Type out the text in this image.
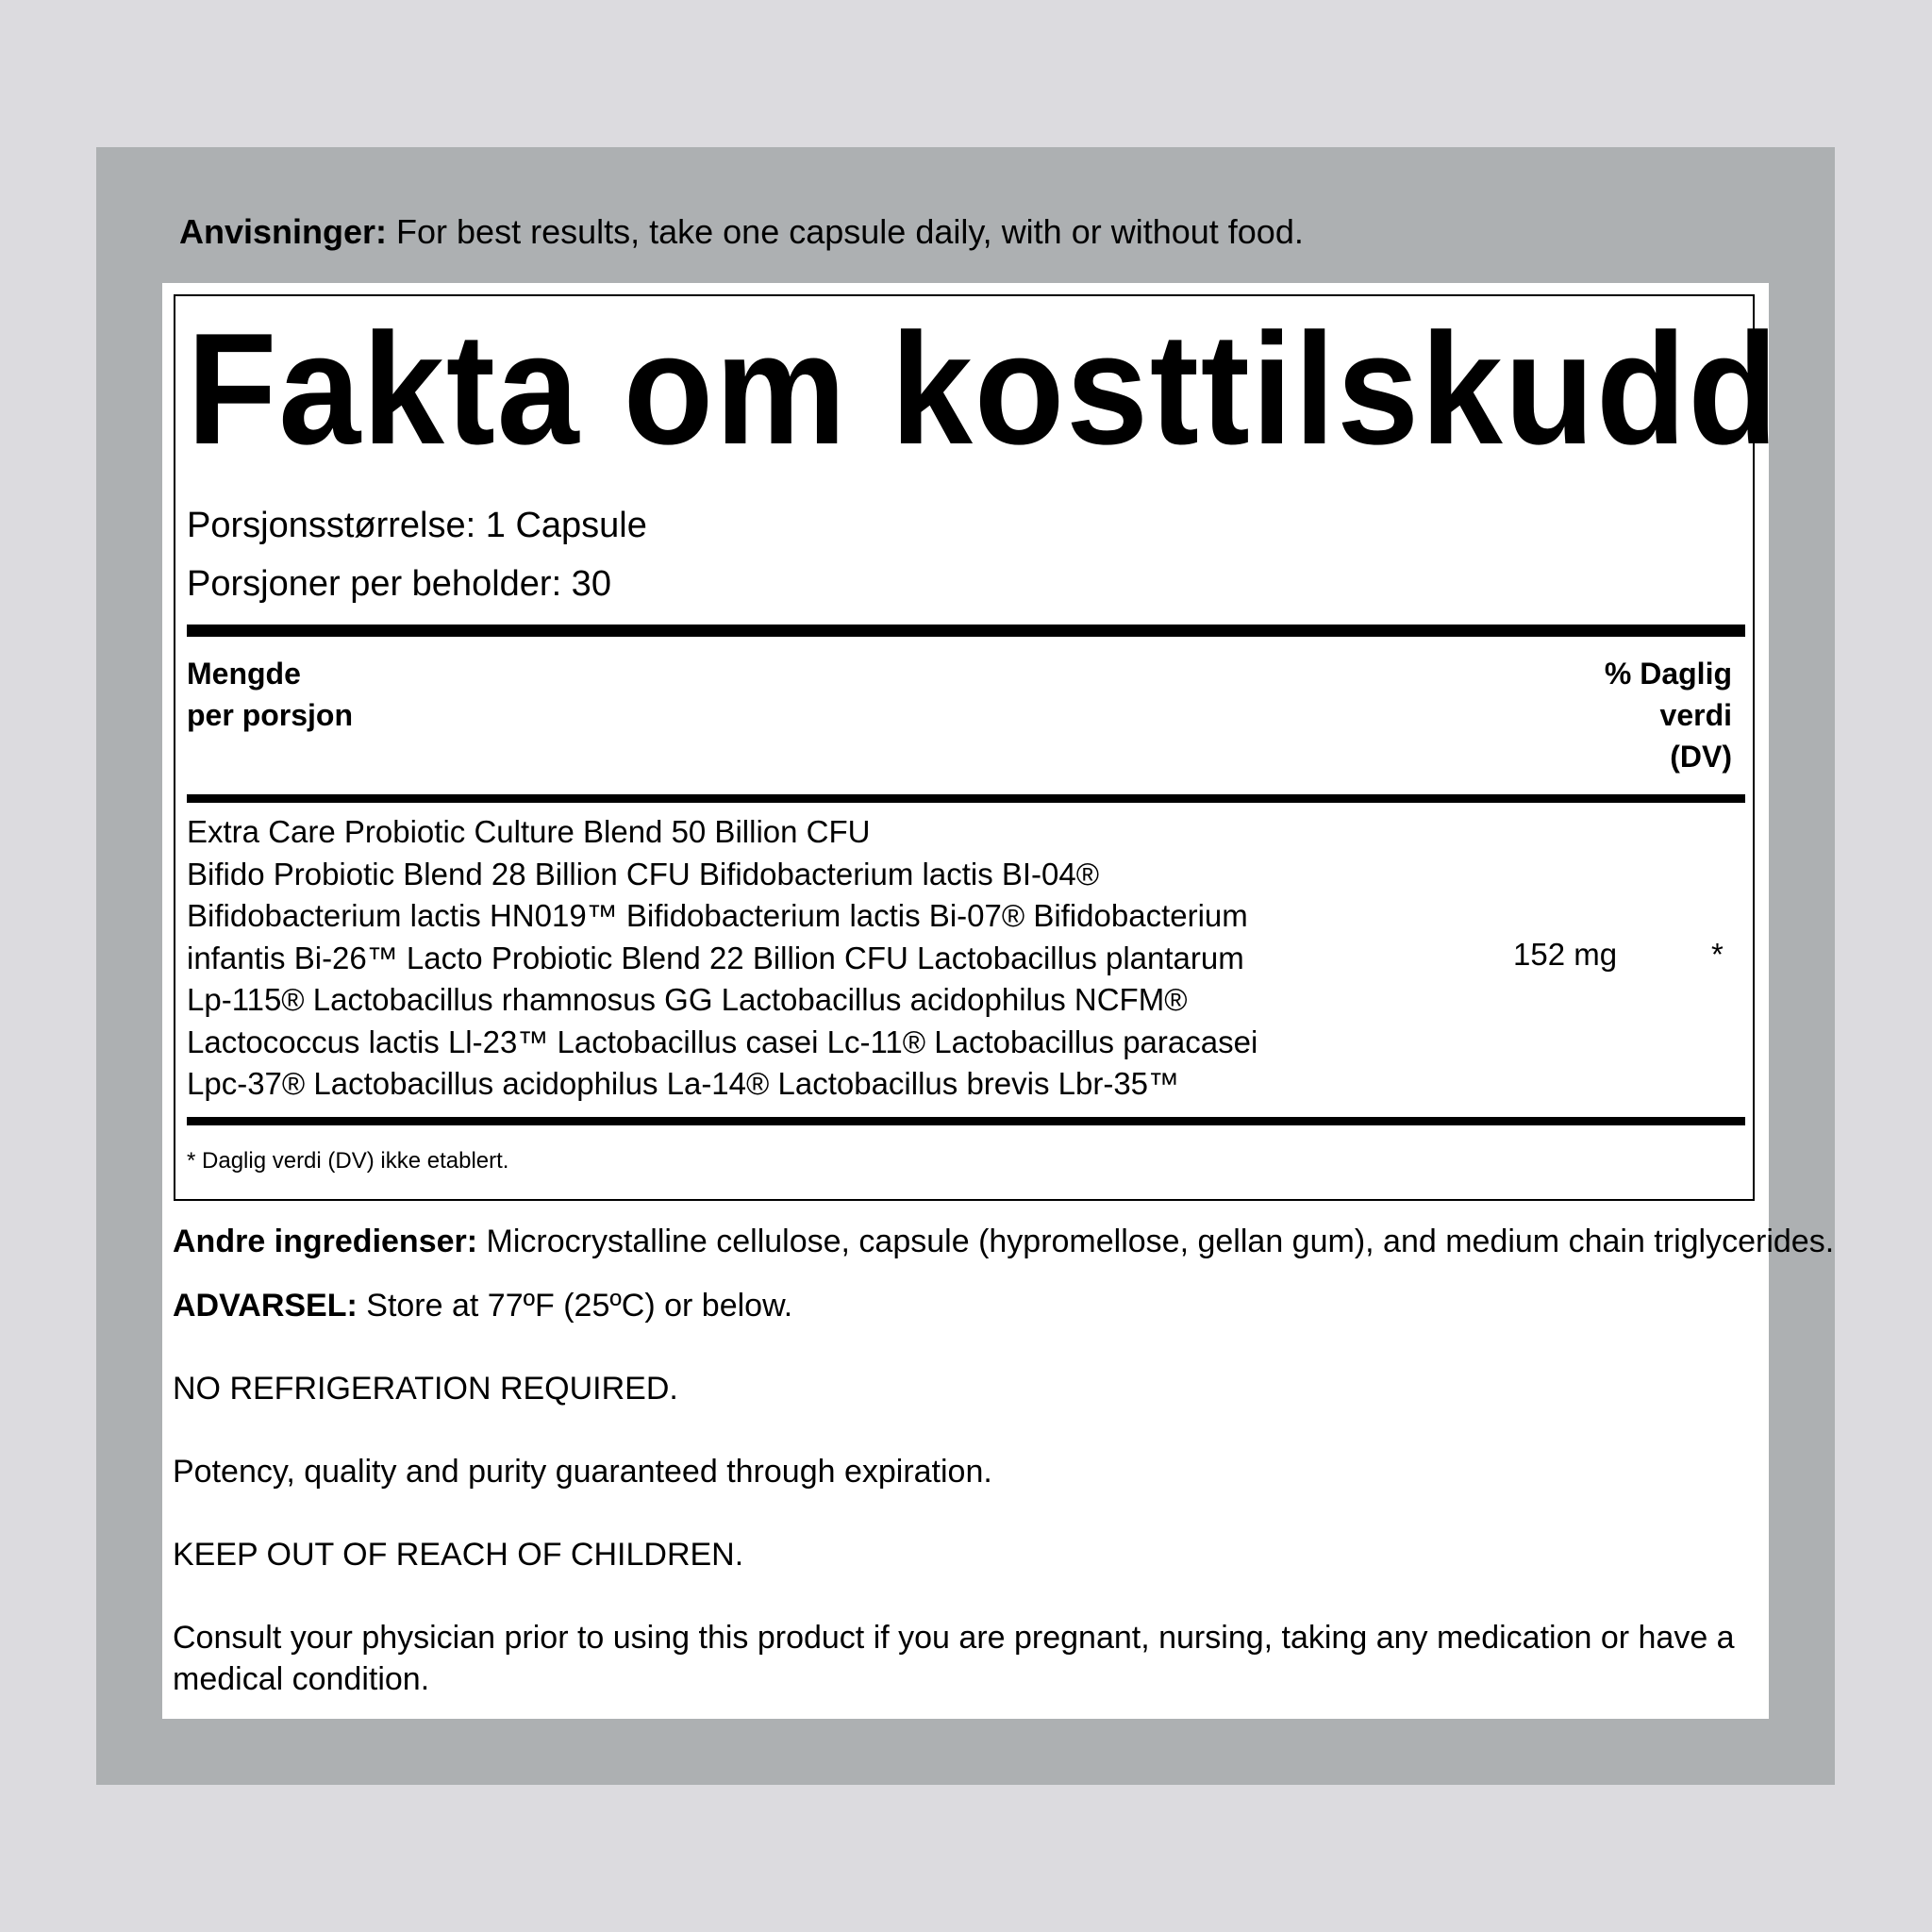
Anvisninger: For best results, take one capsule daily, with or without food.
Fakta om kosttilskudd
Porsjonsstørrelse: 1 Capsule
Porsjoner per beholder: 30
Mengde
per porsjon
% Daglig
verdi
(DV)
Extra Care Probiotic Culture Blend 50 Billion CFU
Bifido Probiotic Blend 28 Billion CFU Bifidobacterium lactis BI-04®
Bifidobacterium lactis HN019™ Bifidobacterium lactis Bi-07® Bifidobacterium
infantis Bi-26™ Lacto Probiotic Blend 22 Billion CFU Lactobacillus plantarum
Lp-115® Lactobacillus rhamnosus GG Lactobacillus acidophilus NCFM®
Lactococcus lactis Ll-23™ Lactobacillus casei Lc-11® Lactobacillus paracasei
Lpc-37® Lactobacillus acidophilus La-14® Lactobacillus brevis Lbr-35™
152 mg	*
* Daglig verdi (DV) ikke etablert.
Andre ingredienser: Microcrystalline cellulose, capsule (hypromellose, gellan gum), and medium chain triglycerides.
ADVARSEL: Store at 77ºF (25ºC) or below.
NO REFRIGERATION REQUIRED.
Potency, quality and purity guaranteed through expiration.
KEEP OUT OF REACH OF CHILDREN.
Consult your physician prior to using this product if you are pregnant, nursing, taking any medication or have a medical condition.
